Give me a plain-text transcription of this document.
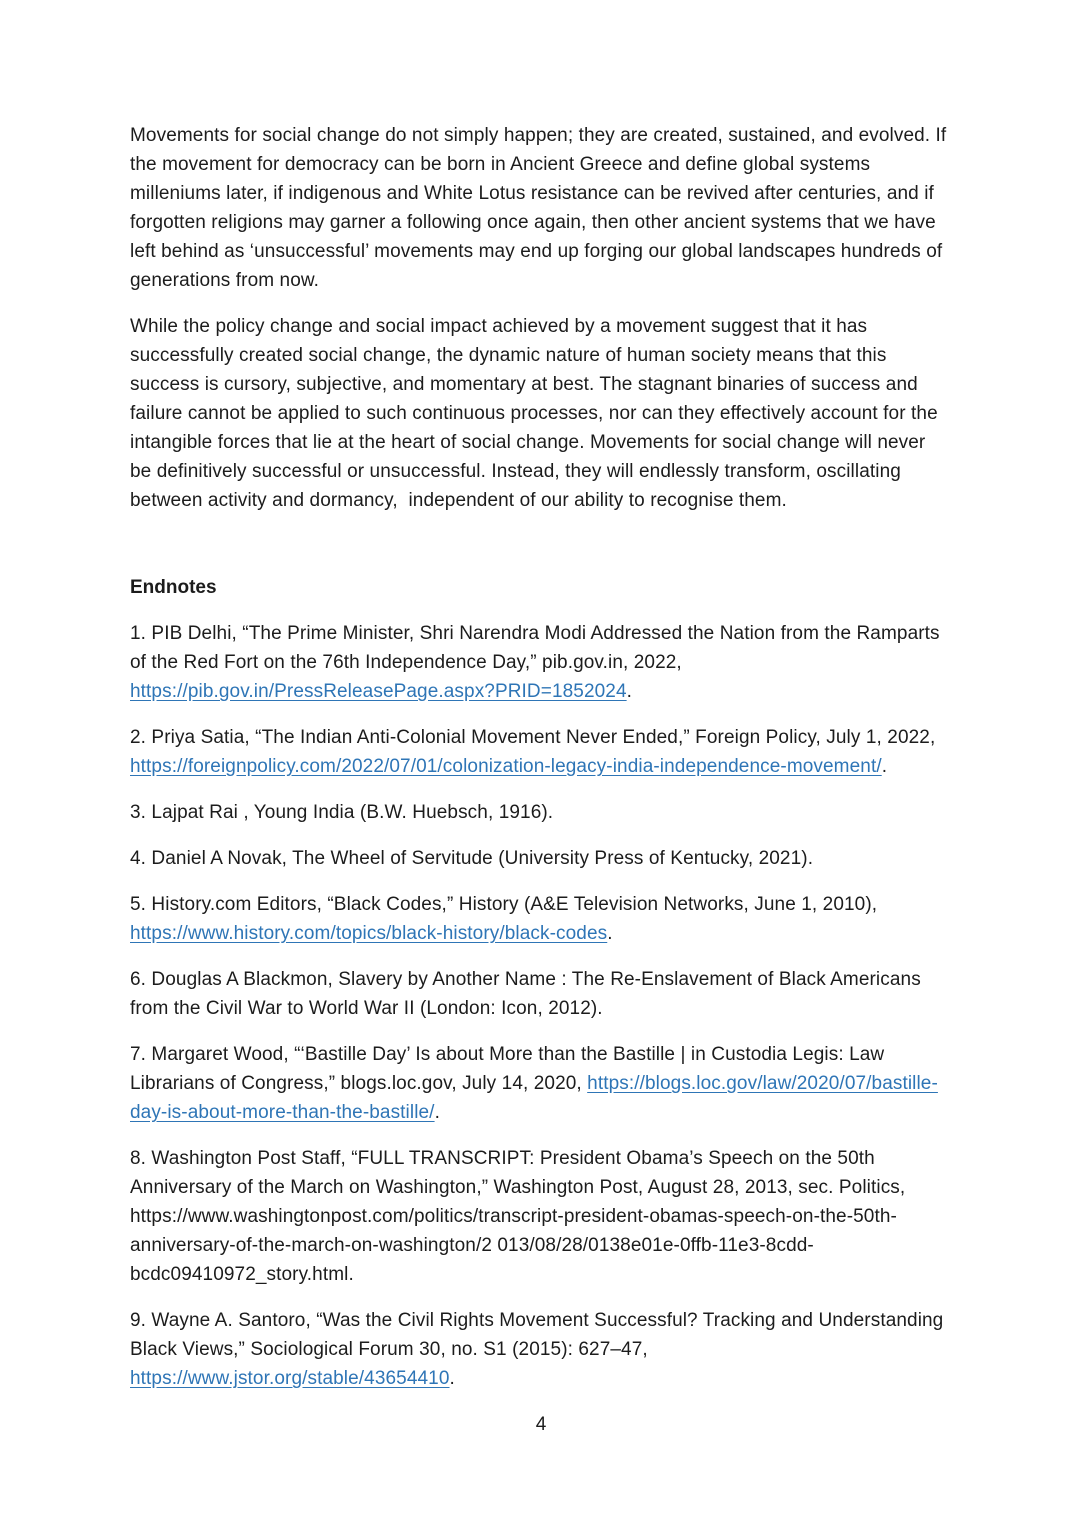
Movements for social change do not simply happen; they are created, sustained, and evolved. If the movement for democracy can be born in Ancient Greece and define global systems milleniums later, if indigenous and White Lotus resistance can be revived after centuries, and if forgotten religions may garner a following once again, then other ancient systems that we have left behind as ‘unsuccessful’ movements may end up forging our global landscapes hundreds of generations from now.

While the policy change and social impact achieved by a movement suggest that it has successfully created social change, the dynamic nature of human society means that this success is cursory, subjective, and momentary at best. The stagnant binaries of success and failure cannot be applied to such continuous processes, nor can they effectively account for the intangible forces that lie at the heart of social change. Movements for social change will never be definitively successful or unsuccessful. Instead, they will endlessly transform, oscillating between activity and dormancy,  independent of our ability to recognise them.

Endnotes

1. PIB Delhi, “The Prime Minister, Shri Narendra Modi Addressed the Nation from the Ramparts of the Red Fort on the 76th Independence Day,” pib.gov.in, 2022, https://pib.gov.in/PressReleasePage.aspx?PRID=1852024.

2. Priya Satia, “The Indian Anti-Colonial Movement Never Ended,” Foreign Policy, July 1, 2022, https://foreignpolicy.com/2022/07/01/colonization-legacy-india-independence-movement/.

3. Lajpat Rai , Young India (B.W. Huebsch, 1916).

4. Daniel A Novak, The Wheel of Servitude (University Press of Kentucky, 2021).

5. History.com Editors, “Black Codes,” History (A&E Television Networks, June 1, 2010), https://www.history.com/topics/black-history/black-codes.

6. Douglas A Blackmon, Slavery by Another Name : The Re-Enslavement of Black Americans from the Civil War to World War II (London: Icon, 2012).

7. Margaret Wood, “‘Bastille Day’ Is about More than the Bastille | in Custodia Legis: Law Librarians of Congress,” blogs.loc.gov, July 14, 2020, https://blogs.loc.gov/law/2020/07/bastille-day-is-about-more-than-the-bastille/.

8. Washington Post Staff, “FULL TRANSCRIPT: President Obama’s Speech on the 50th Anniversary of the March on Washington,” Washington Post, August 28, 2013, sec. Politics, https://www.washingtonpost.com/politics/transcript-president-obamas-speech-on-the-50th-anniversary-of-the-march-on-washington/2 013/08/28/0138e01e-0ffb-11e3-8cdd-bcdc09410972_story.html.

9. Wayne A. Santoro, “Was the Civil Rights Movement Successful? Tracking and Understanding Black Views,” Sociological Forum 30, no. S1 (2015): 627–47, https://www.jstor.org/stable/43654410.

4
